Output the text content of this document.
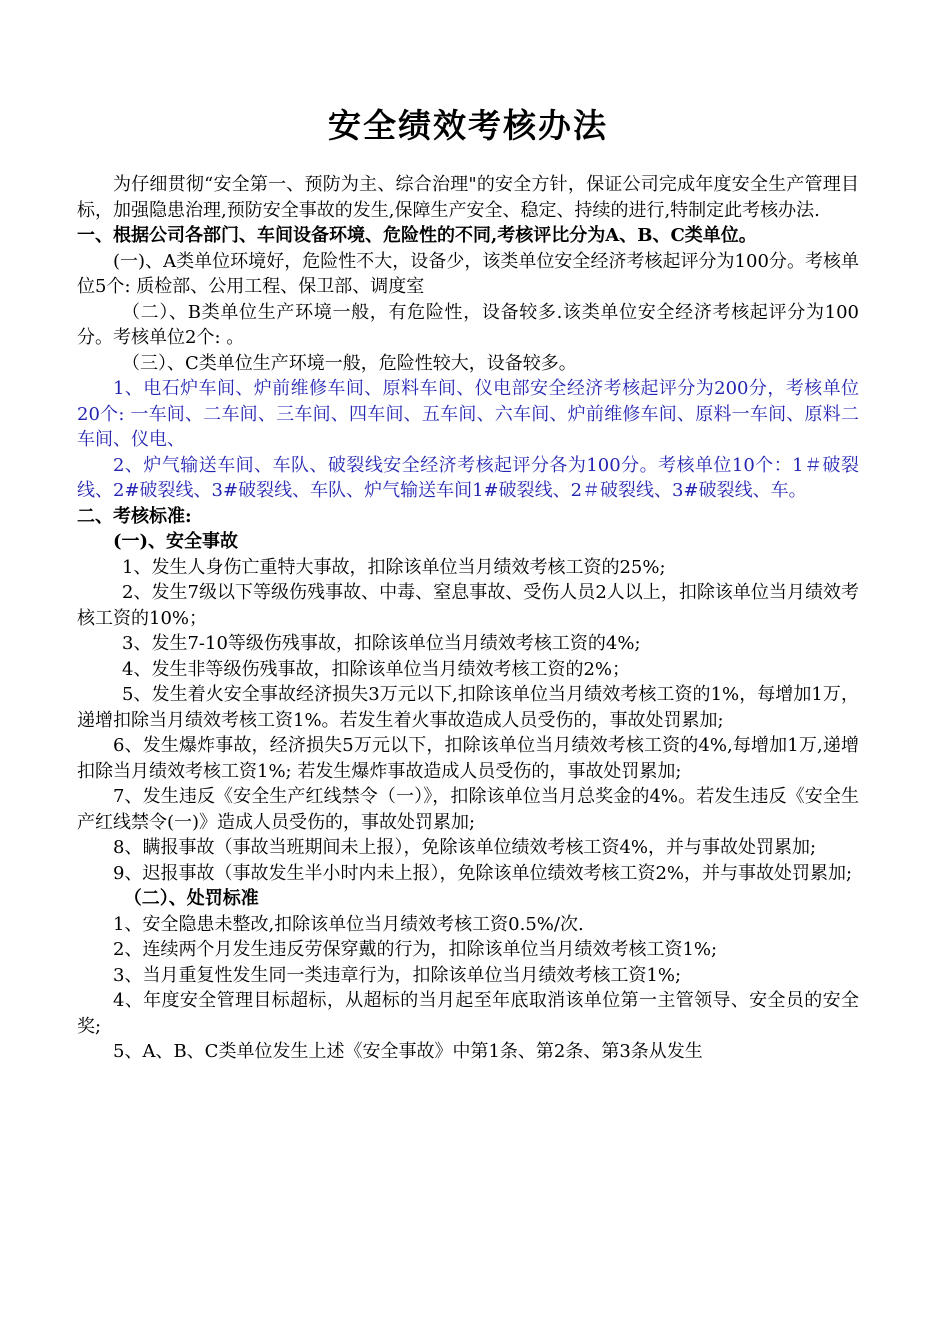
安全绩效考核办法

为仔细贯彻“安全第一、预防为主、综合治理"的安全方针，保证公司完成年度安全生产管理目标，加强隐患治理,预防安全事故的发生,保障生产安全、稳定、持续的进行,特制定此考核办法.

一、根据公司各部门、车间设备环境、危险性的不同,考核评比分为A、B、C类单位。

(一)、A类单位环境好，危险性不大，设备少，该类单位安全经济考核起评分为100分。考核单位5个: 质检部、公用工程、保卫部、调度室

（二）、B类单位生产环境一般，有危险性，设备较多.该类单位安全经济考核起评分为100分。考核单位2个: 。

（三）、C类单位生产环境一般，危险性较大，设备较多。

1、电石炉车间、炉前维修车间、原料车间、仪电部安全经济考核起评分为200分，考核单位20个: 一车间、二车间、三车间、四车间、五车间、六车间、炉前维修车间、原料一车间、原料二车间、仪电、

2、炉气输送车间、车队、破裂线安全经济考核起评分各为100分。考核单位10个：1＃破裂线、2#破裂线、3#破裂线、车队、炉气输送车间1#破裂线、2＃破裂线、3#破裂线、车。

二、考核标准:

(一)、安全事故

1、发生人身伤亡重特大事故，扣除该单位当月绩效考核工资的25%;

2、发生7级以下等级伤残事故、中毒、窒息事故、受伤人员2人以上，扣除该单位当月绩效考核工资的10%；

3、发生7-10等级伤残事故，扣除该单位当月绩效考核工资的4%;

4、发生非等级伤残事故，扣除该单位当月绩效考核工资的2%；

5、发生着火安全事故经济损失3万元以下,扣除该单位当月绩效考核工资的1%，每增加1万，递增扣除当月绩效考核工资1%。若发生着火事故造成人员受伤的，事故处罚累加;

6、发生爆炸事故，经济损失5万元以下，扣除该单位当月绩效考核工资的4%,每增加1万,递增扣除当月绩效考核工资1%; 若发生爆炸事故造成人员受伤的，事故处罚累加;

7、发生违反《安全生产红线禁令（一）》，扣除该单位当月总奖金的4%。若发生违反《安全生产红线禁令(一)》造成人员受伤的，事故处罚累加;

8、瞒报事故（事故当班期间未上报），免除该单位绩效考核工资4%，并与事故处罚累加;

9、迟报事故（事故发生半小时内未上报），免除该单位绩效考核工资2%，并与事故处罚累加;

（二）、处罚标准

1、安全隐患未整改,扣除该单位当月绩效考核工资0.5%/次.

2、连续两个月发生违反劳保穿戴的行为，扣除该单位当月绩效考核工资1%;

3、当月重复性发生同一类违章行为，扣除该单位当月绩效考核工资1%;

4、年度安全管理目标超标，从超标的当月起至年底取消该单位第一主管领导、安全员的安全奖;

5、A、B、C类单位发生上述《安全事故》中第1条、第2条、第3条从发生
